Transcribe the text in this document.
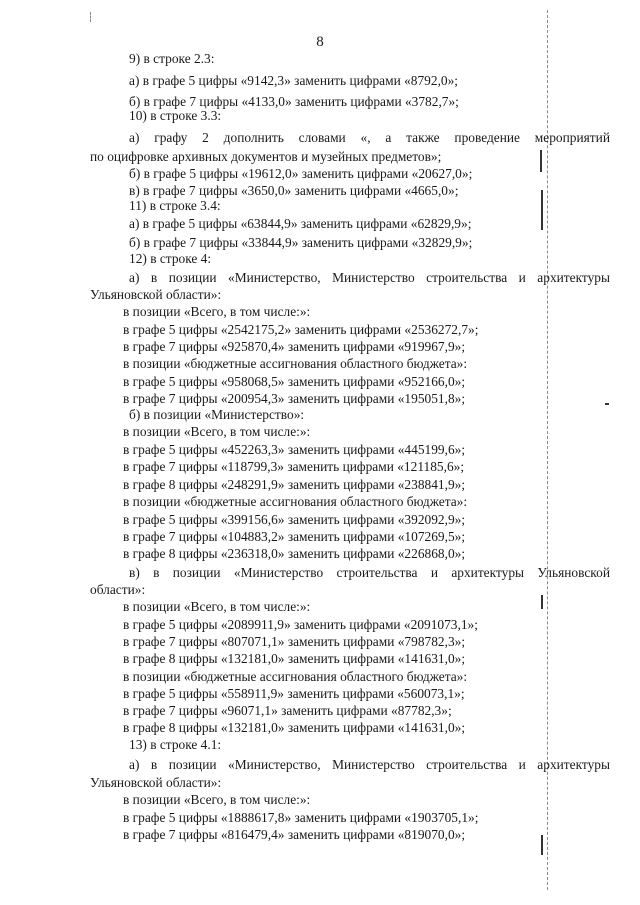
8
9) в строке 2.3:
а) в графе 5 цифры «9142,3» заменить цифрами «8792,0»;
б) в графе 7 цифры «4133,0» заменить цифрами «3782,7»;
10) в строке 3.3:
а) графу 2 дополнить словами «, а также проведение мероприятий
по оцифровке архивных документов и музейных предметов»;
б) в графе 5 цифры «19612,0» заменить цифрами «20627,0»;
в) в графе 7 цифры «3650,0» заменить цифрами «4665,0»;
11) в строке 3.4:
а) в графе 5 цифры «63844,9» заменить цифрами «62829,9»;
б) в графе 7 цифры «33844,9» заменить цифрами «32829,9»;
12) в строке 4:
а) в позиции «Министерство, Министерство строительства и архитектуры
Ульяновской области»:
в позиции «Всего, в том числе:»:
в графе 5 цифры «2542175,2» заменить цифрами «2536272,7»;
в графе 7 цифры «925870,4» заменить цифрами «919967,9»;
в позиции «бюджетные ассигнования областного бюджета»:
в графе 5 цифры «958068,5» заменить цифрами «952166,0»;
в графе 7 цифры «200954,3» заменить цифрами «195051,8»;
б) в позиции «Министерство»:
в позиции «Всего, в том числе:»:
в графе 5 цифры «452263,3» заменить цифрами «445199,6»;
в графе 7 цифры «118799,3» заменить цифрами «121185,6»;
в графе 8 цифры «248291,9» заменить цифрами «238841,9»;
в позиции «бюджетные ассигнования областного бюджета»:
в графе 5 цифры «399156,6» заменить цифрами «392092,9»;
в графе 7 цифры «104883,2» заменить цифрами «107269,5»;
в графе 8 цифры «236318,0» заменить цифрами «226868,0»;
в) в позиции «Министерство строительства и архитектуры Ульяновской
области»:
в позиции «Всего, в том числе:»:
в графе 5 цифры «2089911,9» заменить цифрами «2091073,1»;
в графе 7 цифры «807071,1» заменить цифрами «798782,3»;
в графе 8 цифры «132181,0» заменить цифрами «141631,0»;
в позиции «бюджетные ассигнования областного бюджета»:
в графе 5 цифры «558911,9» заменить цифрами «560073,1»;
в графе 7 цифры «96071,1» заменить цифрами «87782,3»;
в графе 8 цифры «132181,0» заменить цифрами «141631,0»;
13) в строке 4.1:
а) в позиции «Министерство, Министерство строительства и архитектуры
Ульяновской области»:
в позиции «Всего, в том числе:»:
в графе 5 цифры «1888617,8» заменить цифрами «1903705,1»;
в графе 7 цифры «816479,4» заменить цифрами «819070,0»;
